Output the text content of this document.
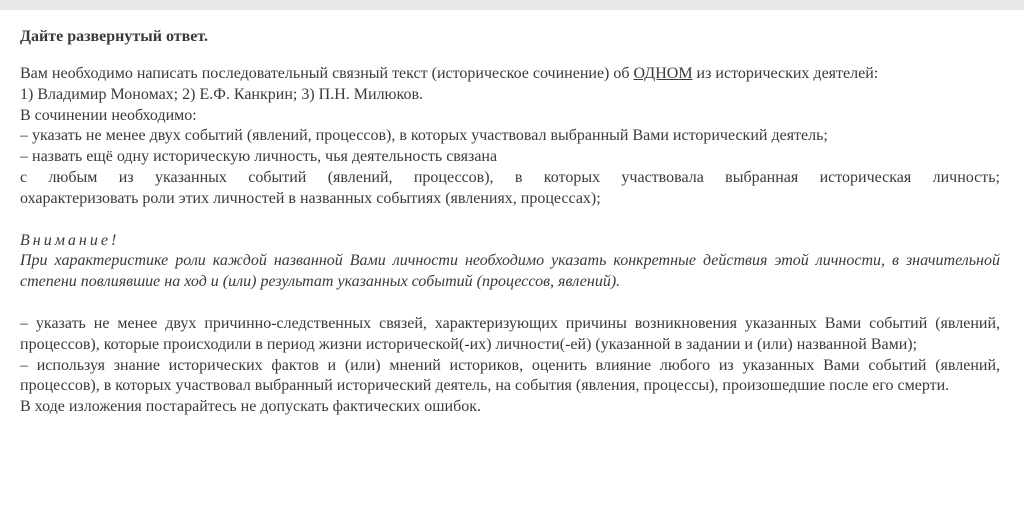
Дайте развернутый ответ.
Вам необходимо написать последовательный связный текст (историческое сочинение) об ОДНОМ из исторических деятелей:
1) Владимир Мономах; 2) Е.Ф. Канкрин; 3) П.Н. Милюков.
В сочинении необходимо:
– указать не менее двух событий (явлений, процессов), в которых участвовал выбранный Вами исторический деятель;
– назвать ещё одну историческую личность, чья деятельность связана
с любым из указанных событий (явлений, процессов), в которых участвовала выбранная историческая личность;
охарактеризовать роли этих личностей в названных событиях (явлениях, процессах);
Внимание!
При характеристике роли каждой названной Вами личности необходимо указать конкретные действия этой личности, в значительной степени повлиявшие на ход и (или) результат указанных событий (процессов, явлений).
– указать не менее двух причинно-следственных связей, характеризующих причины возникновения указанных Вами событий (явлений, процессов), которые происходили в период жизни исторической(-их) личности(-ей) (указанной в задании и (или) названной Вами);
– используя знание исторических фактов и (или) мнений историков, оценить влияние любого из указанных Вами событий (явлений, процессов), в которых участвовал выбранный исторический деятель, на события (явления, процессы), произошедшие после его смерти.
В ходе изложения постарайтесь не допускать фактических ошибок.
